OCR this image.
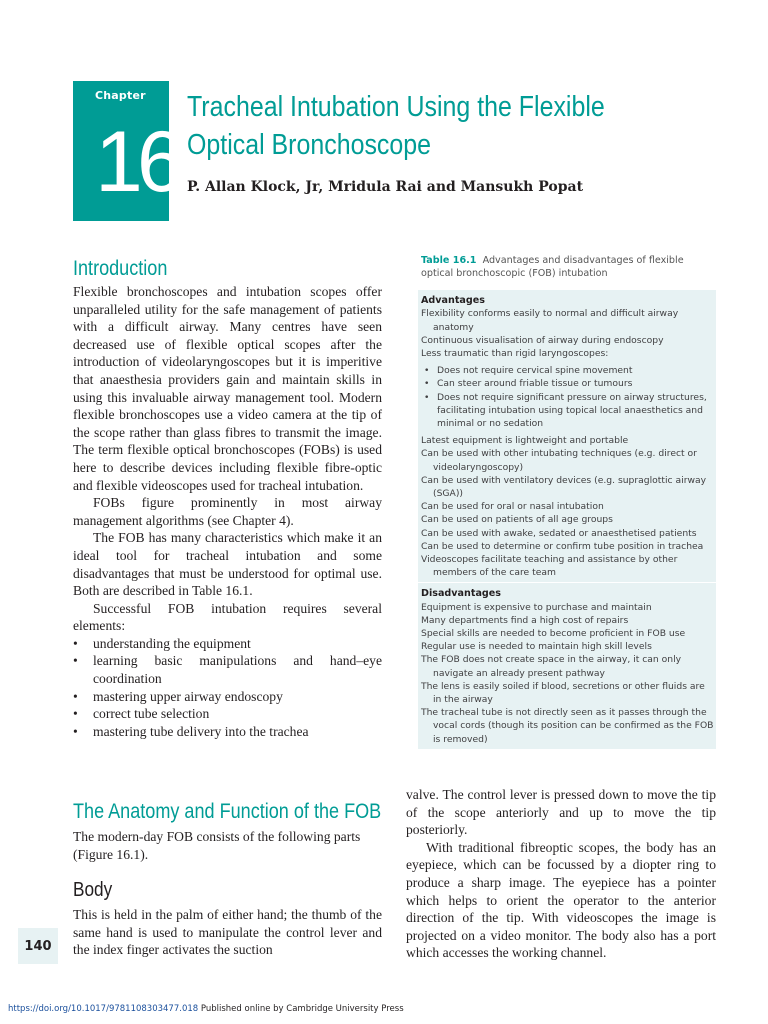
Chapter
16
Tracheal Intubation Using the Flexible
Optical Bronchoscope
P. Allan Klock, Jr, Mridula Rai and Mansukh Popat
Introduction

Flexible bronchoscopes and intubation scopes offer unparalleled utility for the safe management of patients with a difficult airway. Many centres have seen decreased use of flexible optical scopes after the introduction of videolaryngoscopes but it is imperitive that anaesthesia providers gain and maintain skills in using this invaluable airway management tool. Modern flexible bronchoscopes use a video camera at the tip of the scope rather than glass fibres to transmit the image. The term flexible optical bronchoscopes (FOBs) is used here to describe devices including flexible fibre-optic and flexible videoscopes used for tracheal intubation.

FOBs figure prominently in most airway management algorithms (see Chapter 4).

The FOB has many characteristics which make it an ideal tool for tracheal intubation and some disadvantages that must be understood for optimal use. Both are described in Table 16.1.

Successful FOB intubation requires several elements:

• understanding the equipment
• learning basic manipulations and hand–eye coordination
• mastering upper airway endoscopy
• correct tube selection
• mastering tube delivery into the trachea
The Anatomy and Function of the FOB
The modern-day FOB consists of the following parts (Figure 16.1).
Body
This is held in the palm of either hand; the thumb of the same hand is used to manipulate the control lever and the index finger activates the suction
Table 16.1 Advantages and disadvantages of flexible optical bronchoscopic (FOB) intubation
Advantages
Flexibility conforms easily to normal and difficult airway anatomy
Continuous visualisation of airway during endoscopy
Less traumatic than rigid laryngoscopes:
• Does not require cervical spine movement
• Can steer around friable tissue or tumours
• Does not require significant pressure on airway structures, facilitating intubation using topical local anaesthetics and minimal or no sedation
Latest equipment is lightweight and portable
Can be used with other intubating techniques (e.g. direct or videolaryngoscopy)
Can be used with ventilatory devices (e.g. supraglottic airway (SGA))
Can be used for oral or nasal intubation
Can be used on patients of all age groups
Can be used with awake, sedated or anaesthetised patients
Can be used to determine or confirm tube position in trachea
Videoscopes facilitate teaching and assistance by other members of the care team
Disadvantages
Equipment is expensive to purchase and maintain
Many departments find a high cost of repairs
Special skills are needed to become proficient in FOB use
Regular use is needed to maintain high skill levels
The FOB does not create space in the airway, it can only navigate an already present pathway
The lens is easily soiled if blood, secretions or other fluids are in the airway
The tracheal tube is not directly seen as it passes through the vocal cords (though its position can be confirmed as the FOB is removed)

valve. The control lever is pressed down to move the tip of the scope anteriorly and up to move the tip posteriorly.

With traditional fibreoptic scopes, the body has an eyepiece, which can be focussed by a diopter ring to produce a sharp image. The eyepiece has a pointer which helps to orient the operator to the anterior direction of the tip. With videoscopes the image is projected on a video monitor. The body also has a port which accesses the working channel.

140
https://doi.org/10.1017/9781108303477.018 Published online by Cambridge University Press
